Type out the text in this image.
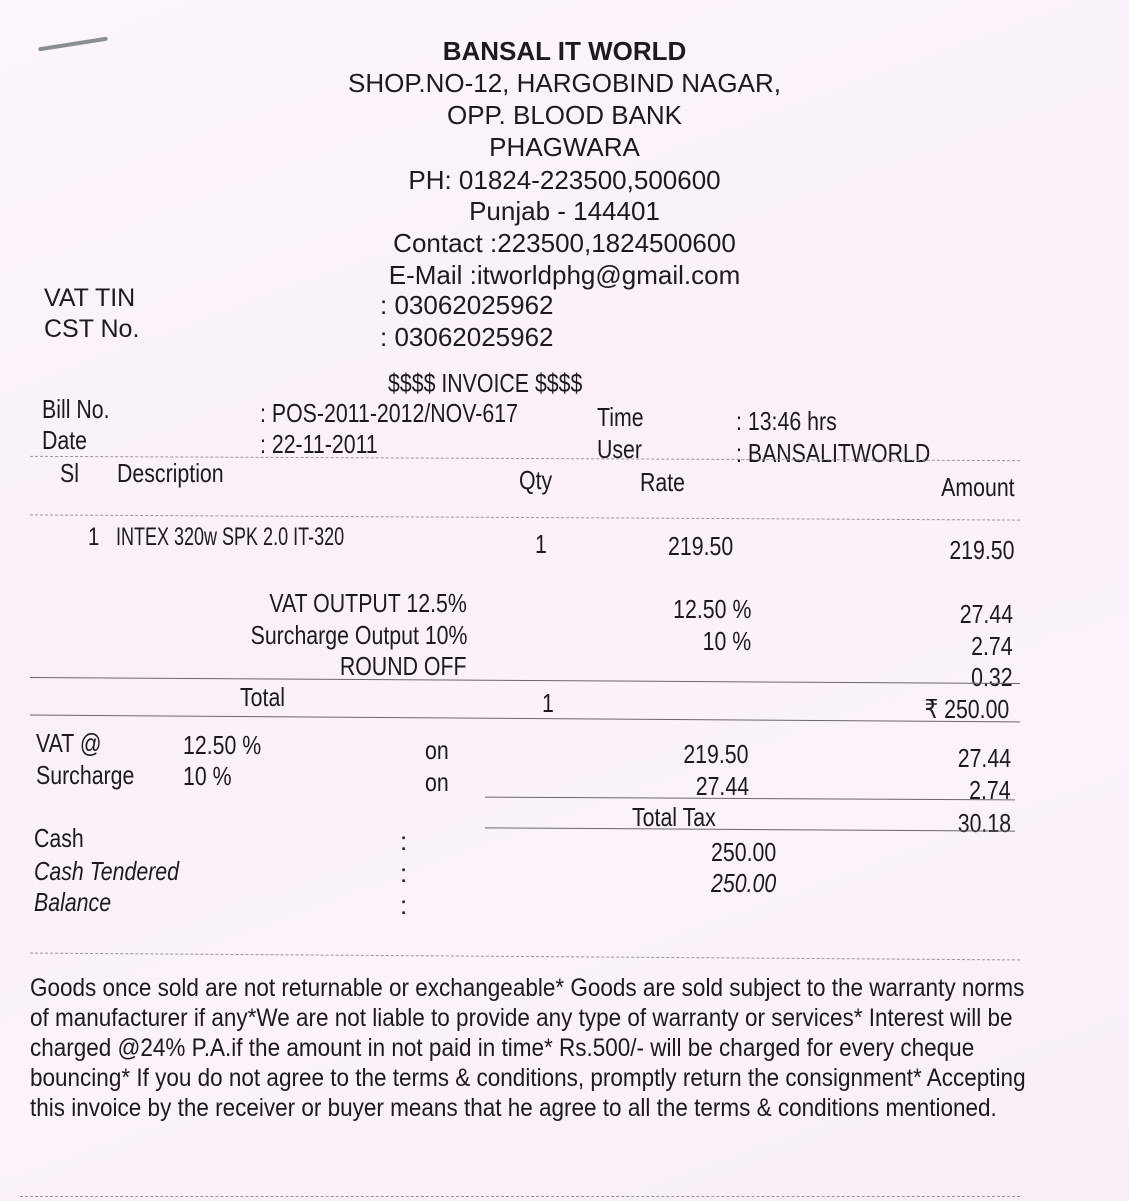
BANSAL IT WORLD
SHOP.NO-12, HARGOBIND NAGAR,
OPP. BLOOD BANK
PHAGWARA
PH: 01824-223500,500600
Punjab - 144401
Contact :223500,1824500600
E-Mail :itworldphg@gmail.com
VAT TIN	: 03062025962
CST No.	: 03062025962
$$$$ INVOICE $$$$
Bill No.	: POS-2011-2012/NOV-617	Time	: 13:46 hrs
Date	: 22-11-2011	User	: BANSALITWORLD
Sl Description	Qty	Rate	Amount
1 INTEX 320w SPK 2.0 IT-320	1	219.50	219.50
VAT OUTPUT 12.5%	12.50 %	27.44
Surcharge Output 10%	10 %	2.74
ROUND OFF	0.32
Total	1	₹ 250.00
VAT @	12.50 %	on	219.50	27.44
Surcharge	10 %	on	27.44	2.74
Total Tax	30.18
Cash	:	250.00
Cash Tendered	:	250.00
Balance	:
Goods once sold are not returnable or exchangeable* Goods are sold subject to the warranty norms of manufacturer if any*We are not liable to provide any type of warranty or services* Interest will be charged @24% P.A.if the amount in not paid in time* Rs.500/- will be charged for every cheque bouncing* If you do not agree to the terms & conditions, promptly return the consignment* Accepting this invoice by the receiver or buyer means that he agree to all the terms & conditions mentioned.
